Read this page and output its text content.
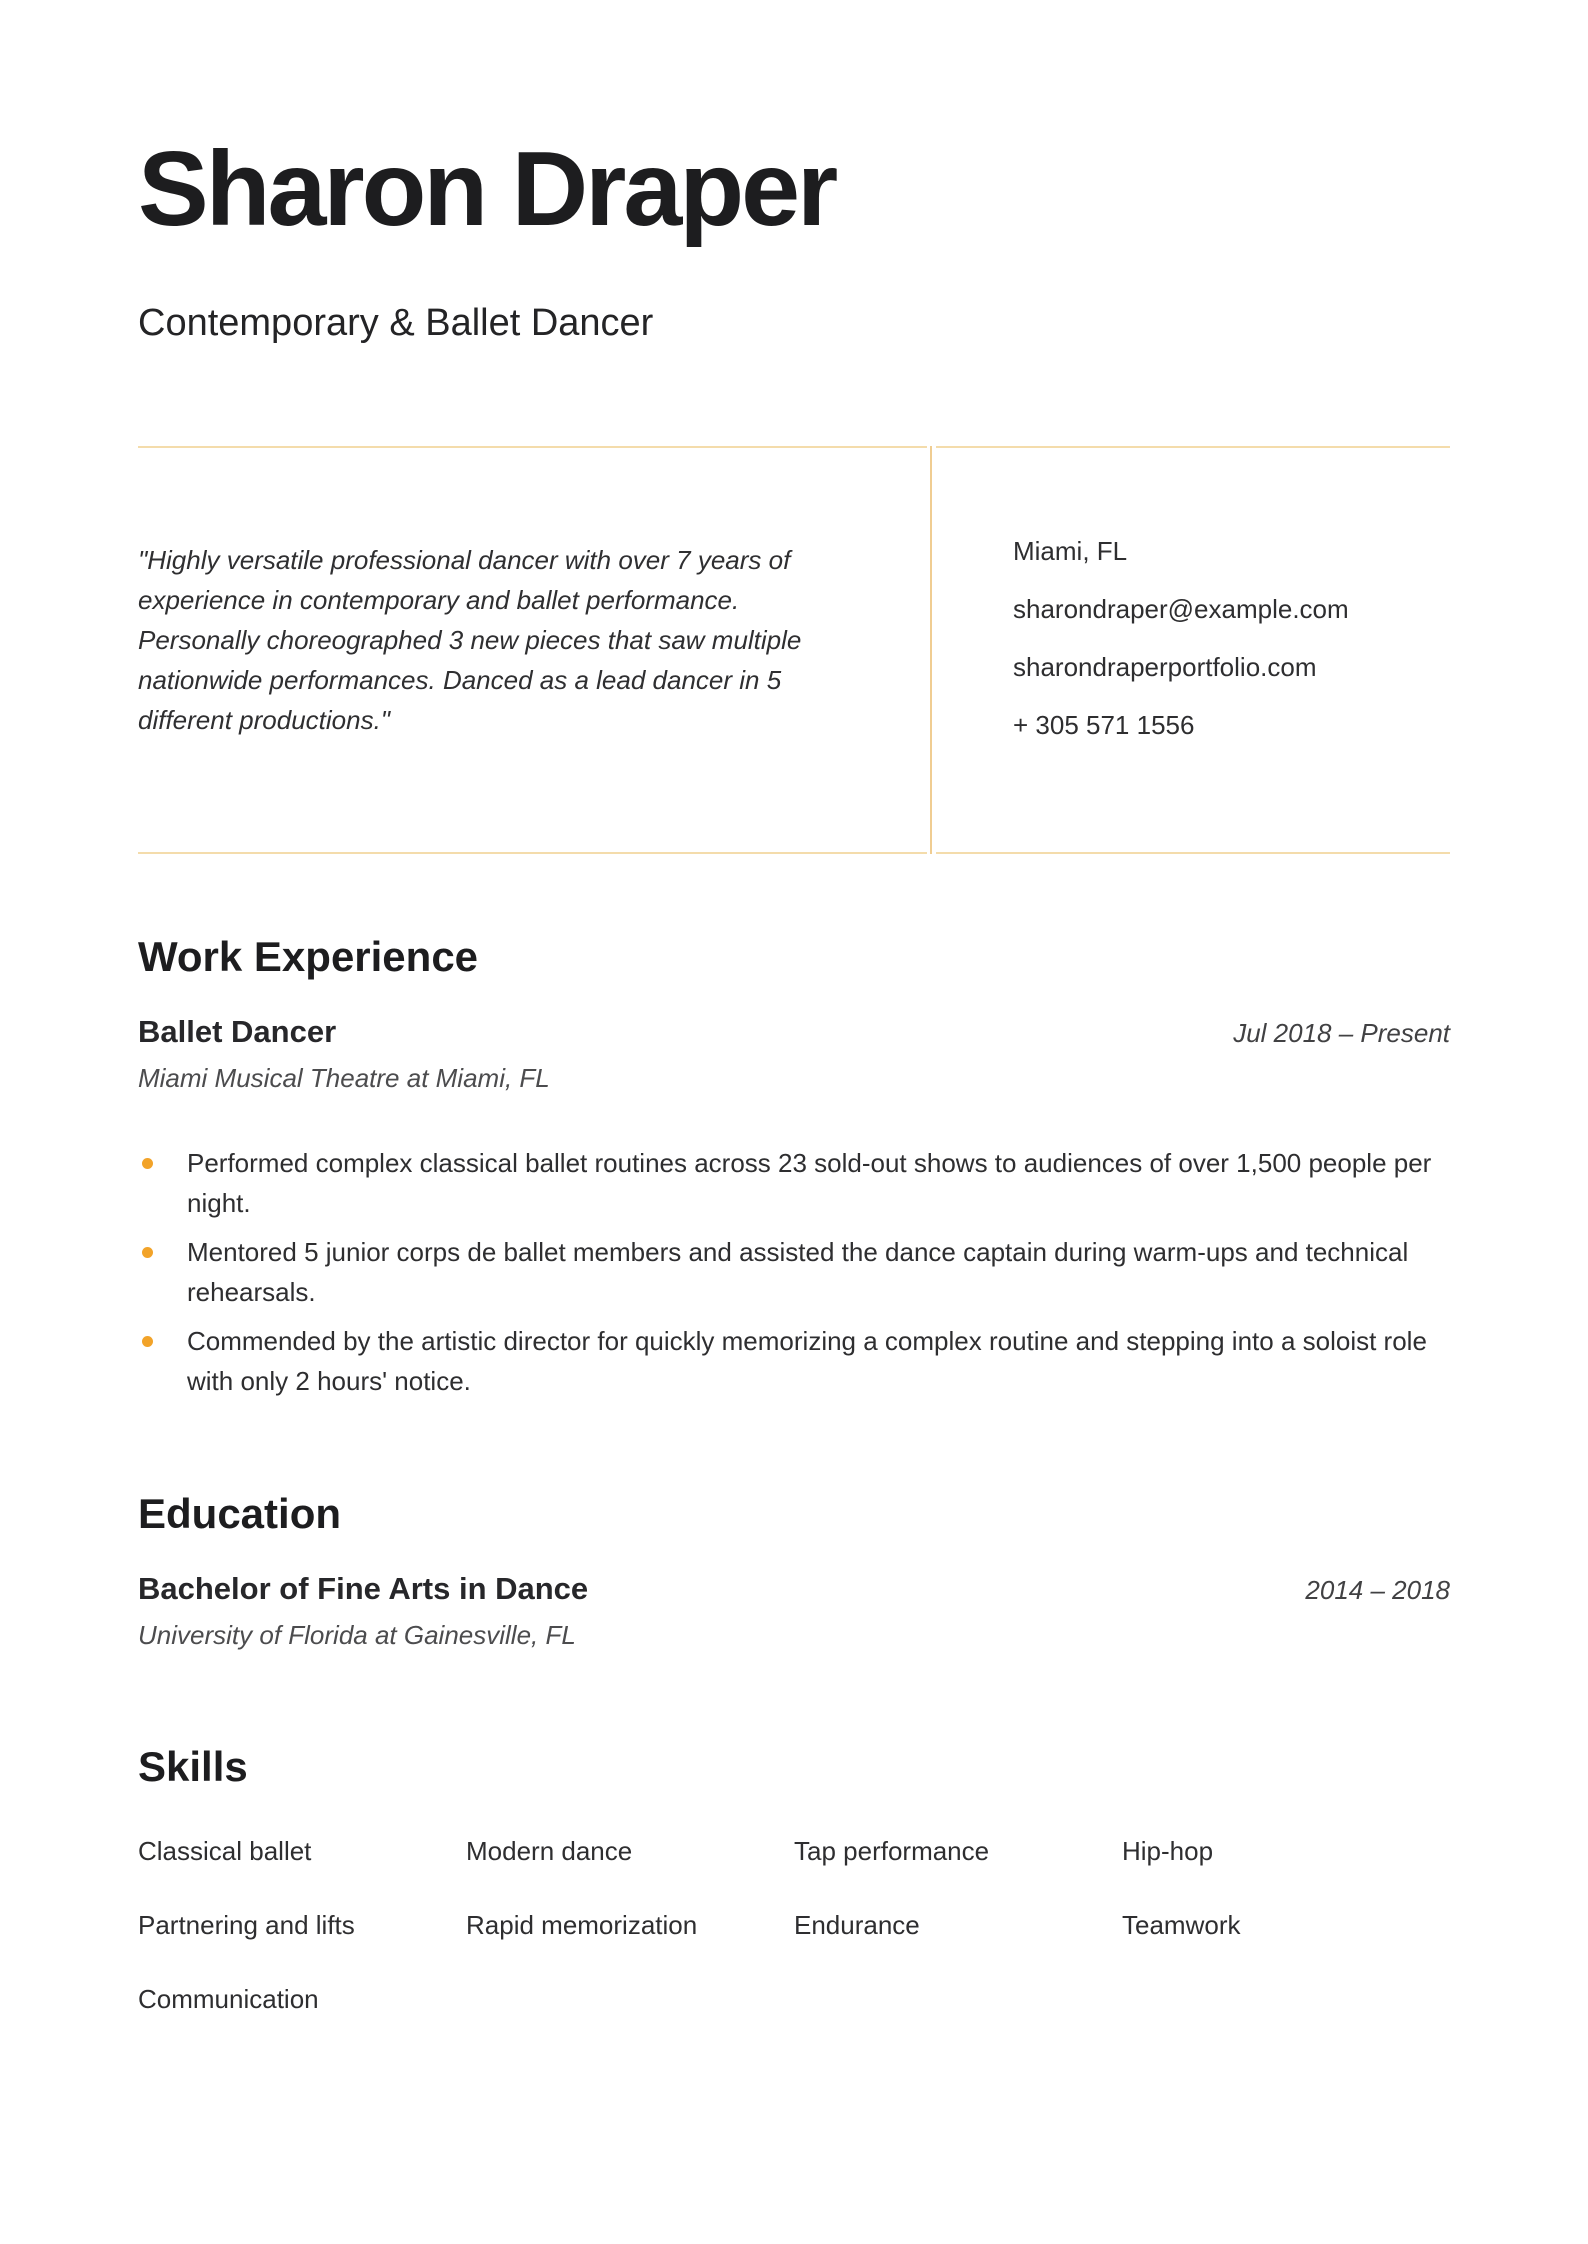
Sharon Draper

Contemporary & Ballet Dancer

"Highly versatile professional dancer with over 7 years of experience in contemporary and ballet performance. Personally choreographed 3 new pieces that saw multiple nationwide performances. Danced as a lead dancer in 5 different productions."

Miami, FL

sharondraper@example.com

sharondraperportfolio.com

+ 305 571 1556

Work Experience
Ballet Dancer	Jul 2018 – Present

Miami Musical Theatre at Miami, FL

Performed complex classical ballet routines across 23 sold-out shows to audiences of over 1,500 people per night.
Mentored 5 junior corps de ballet members and assisted the dance captain during warm-ups and technical rehearsals.
Commended by the artistic director for quickly memorizing a complex routine and stepping into a soloist role with only 2 hours' notice.
Education
Bachelor of Fine Arts in Dance	2014 – 2018

University of Florida at Gainesville, FL

Skills
Classical ballet	Modern dance	Tap performance	Hip-hop
Partnering and lifts	Rapid memorization	Endurance	Teamwork
Communication
